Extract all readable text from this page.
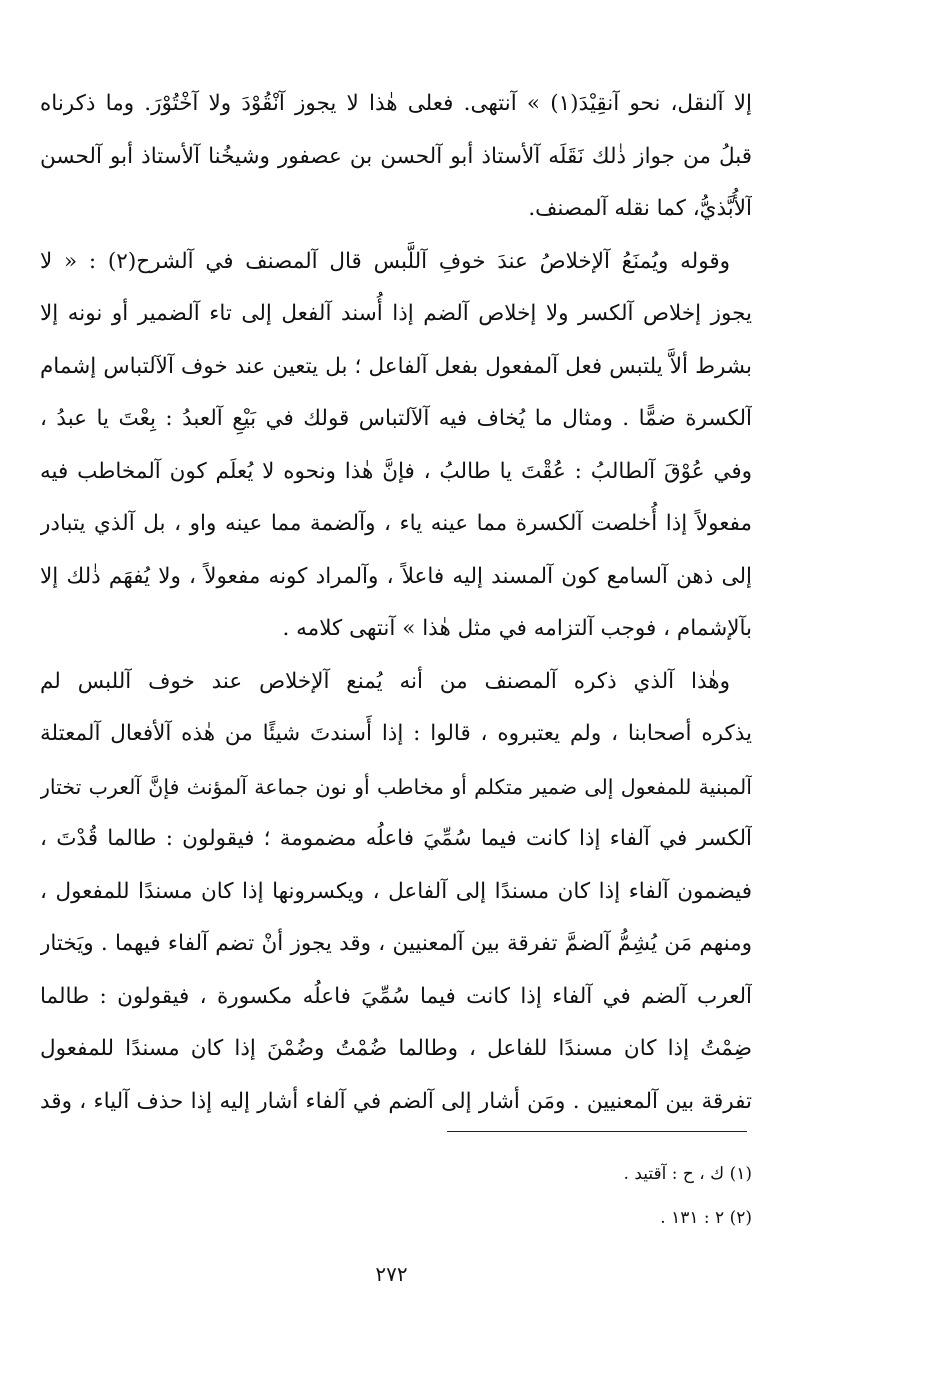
إلا آلنقل، نحو آنقِيْدَ(١) » آنتهى. فعلى هٰذا لا يجوز آنْقُوْدَ ولا آخْتُوْرَ. وما ذكرناه
قبلُ من جواز ذٰلك نَقَلَه آلأستاذ أبو آلحسن بن عصفور وشيخُنا آلأستاذ أبو آلحسن
آلأُبَّذيُّ، كما نقله آلمصنف.
وقوله ويُمنَعُ آلإخلاصُ عندَ خوفِ آللَّبس قال آلمصنف في آلشرح(٢) : « لا
يجوز إخلاص آلكسر ولا إخلاص آلضم إذا أُسند آلفعل إلى تاء آلضمير أو نونه إلا
بشرط ألاَّ يلتبس فعل آلمفعول بفعل آلفاعل ؛ بل يتعين عند خوف آلآلتباس إشمام
آلكسرة ضمًّا . ومثال ما يُخاف فيه آلآلتباس قولك في بَيْعِ آلعبدُ : بِعْتَ يا عبدُ ،
وفي عُوْقَ آلطالبُ : عُقْتَ يا طالبُ ، فإنَّ هٰذا ونحوه لا يُعلَم كون آلمخاطب فيه
مفعولاً إذا أُخلصت آلكسرة مما عينه ياء ، وآلضمة مما عينه واو ، بل آلذي يتبادر
إلى ذهن آلسامع كون آلمسند إليه فاعلاً ، وآلمراد كونه مفعولاً ، ولا يُفهَم ذٰلك إلا
بآلإشمام ، فوجب آلتزامه في مثل هٰذا » آنتهى كلامه .
وهٰذا آلذي ذكره آلمصنف من أنه يُمنع آلإخلاص عند خوف آللبس لم
يذكره أصحابنا ، ولم يعتبروه ، قالوا : إذا أَسندتَ شيئًا من هٰذه آلأفعال آلمعتلة
آلمبنية للمفعول إلى ضمير متكلم أو مخاطب أو نون جماعة آلمؤنث فإنَّ آلعرب تختار
آلكسر في آلفاء إذا كانت فيما سُمِّيَ فاعلُه مضمومة ؛ فيقولون : طالما قُدْتَ ،
فيضمون آلفاء إذا كان مسندًا إلى آلفاعل ، ويكسرونها إذا كان مسندًا للمفعول ،
ومنهم مَن يُشِمُّ آلضمَّ تفرقة بين آلمعنيين ، وقد يجوز أنْ تضم آلفاء فيهما . ويَختار
آلعرب آلضم في آلفاء إذا كانت فيما سُمِّيَ فاعلُه مكسورة ، فيقولون : طالما
ضِمْتُ إذا كان مسندًا للفاعل ، وطالما ضُمْتُ وضُمْنَ إذا كان مسندًا للمفعول
تفرقة بين آلمعنيين . ومَن أشار إلى آلضم في آلفاء أشار إليه إذا حذف آلياء ، وقد
(١) ك ، ح : آقتيد .
(٢) ٢ : ١٣١ .
٢٧٢
